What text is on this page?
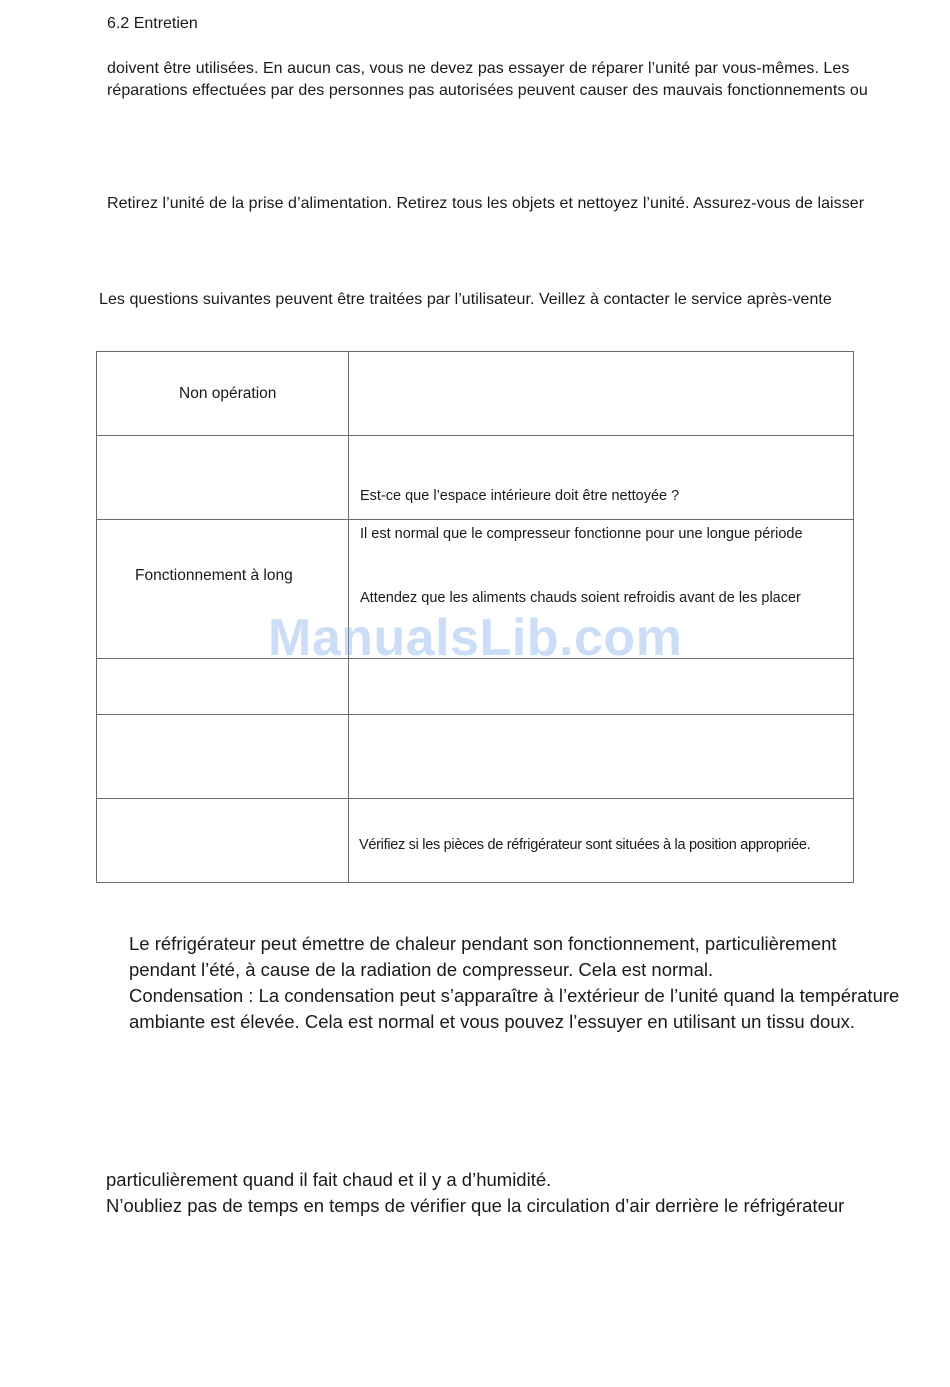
6.2 Entretien
doivent être utilisées. En aucun cas, vous ne devez pas essayer de réparer l’unité par vous-mêmes. Les
réparations effectuées par des personnes pas autorisées peuvent causer des mauvais fonctionnements ou
Retirez l’unité de la prise d’alimentation. Retirez tous les objets et nettoyez l’unité. Assurez-vous de laisser
Les questions suivantes peuvent être traitées par l’utilisateur. Veillez à contacter le service après-vente
Non opération	

	Est-ce que l’espace intérieure doit être nettoyée ?

Fonctionnement à long	Il est normal que le compresseur fonctionne pour une longue période
Attendez que les aliments chauds soient refroidis avant de les placer

	Vérifiez si les pièces de réfrigérateur sont situées à la position appropriée.
ManualsLib.com
Le réfrigérateur peut émettre de chaleur pendant son fonctionnement, particulièrement
pendant l’été, à cause de la radiation de compresseur. Cela est normal.
Condensation : La condensation peut s’apparaître à l’extérieur de l’unité quand la température
ambiante est élevée. Cela est normal et vous pouvez l’essuyer en utilisant un tissu doux.
particulièrement quand il fait chaud et il y a d’humidité.
N’oubliez pas de temps en temps de vérifier que la circulation d’air derrière le réfrigérateur
